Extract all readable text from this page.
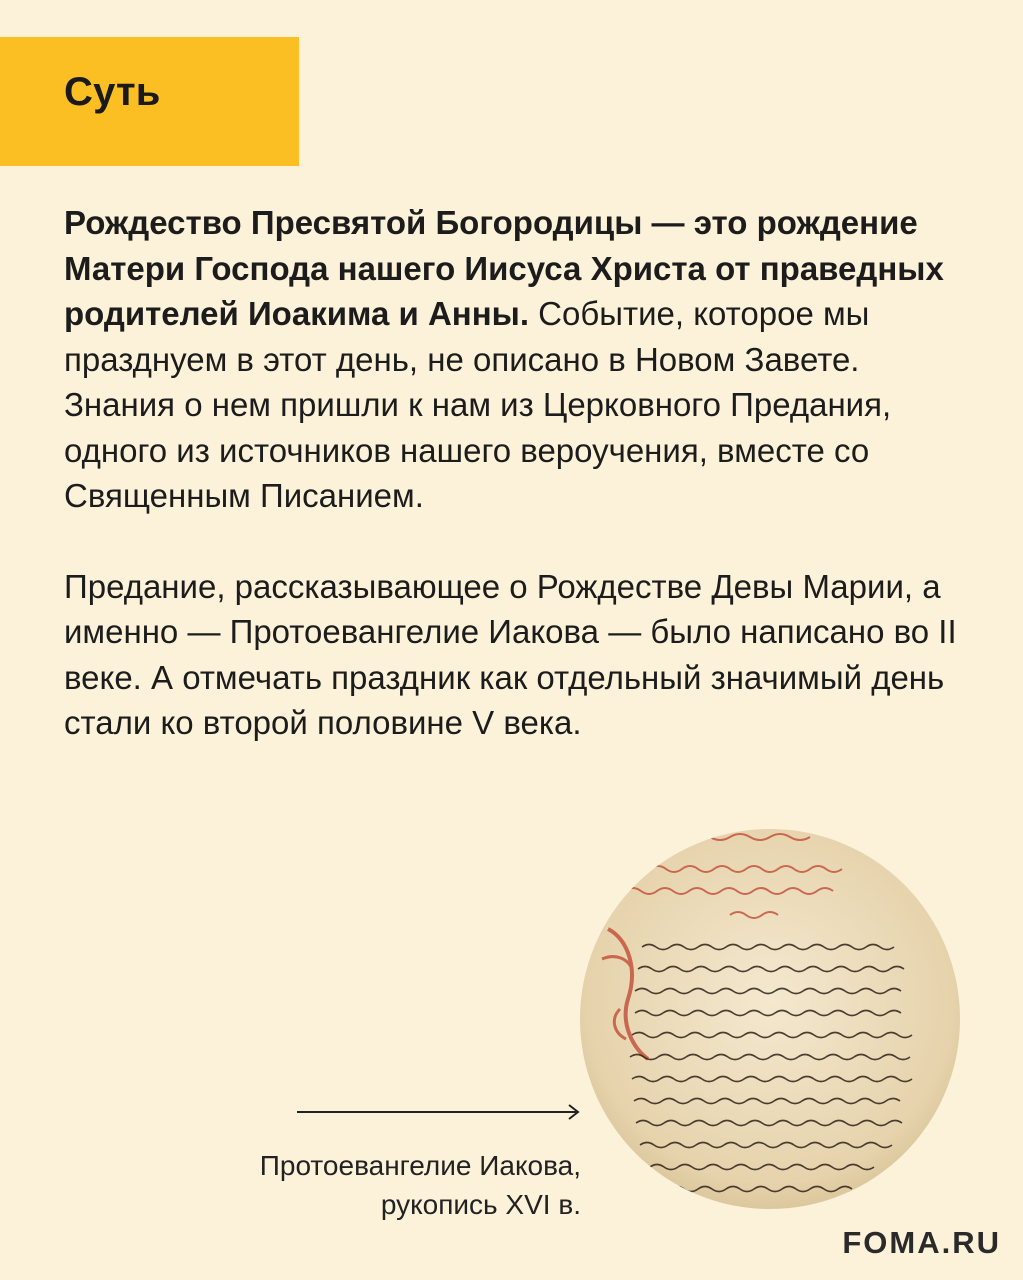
Суть

Рождество Пресвятой Богородицы — это рождение Матери Господа нашего Иисуса Христа от праведных родителей Иоакима и Анны. Событие, которое мы празднуем в этот день, не описано в Новом Завете. Знания о нем пришли к нам из Церковного Предания, одного из источников нашего вероучения, вместе со Священным Писанием.

Предание, рассказывающее о Рождестве Девы Марии, а именно — Протоевангелие Иакова — было написано во II веке. А отмечать праздник как отдельный значимый день стали ко второй половине V века.

Протоевангелие Иакова,
рукопись XVI в.
FOMA.RU
